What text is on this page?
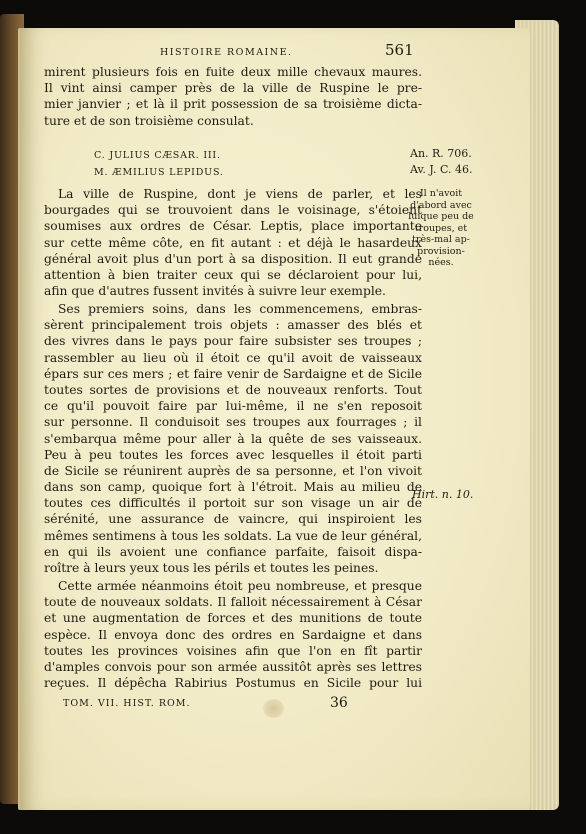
HISTOIRE ROMAINE.	561
mirent plusieurs fois en fuite deux mille chevaux maures.
Il vint ainsi camper près de la ville de Ruspine le pre-
mier janvier ; et là il prit possession de sa troisième dicta-
ture et de son troisième consulat.
C. JULIUS CÆSAR. III.
M. ÆMILIUS LEPIDUS.
An. R. 706.
Av. J. C. 46.
La ville de Ruspine, dont je viens de parler, et les
bourgades qui se trouvoient dans le voisinage, s'étoient
soumises aux ordres de César. Leptis, place importante
sur cette même côte, en fit autant : et déjà le hasardeux
général avoit plus d'un port à sa disposition. Il eut grande
attention à bien traiter ceux qui se déclaroient pour lui,
afin que d'autres fussent invités à suivre leur exemple.
Il n'avoit
d'abord avec
luique peu de
troupes, et
très-mal ap-
provision-
nées.
Ses premiers soins, dans les commencemens, embras-
sèrent principalement trois objets : amasser des blés et
des vivres dans le pays pour faire subsister ses troupes ;
rassembler au lieu où il étoit ce qu'il avoit de vaisseaux
épars sur ces mers ; et faire venir de Sardaigne et de Sicile
toutes sortes de provisions et de nouveaux renforts. Tout
ce qu'il pouvoit faire par lui-même, il ne s'en reposoit
sur personne. Il conduisoit ses troupes aux fourrages ; il
s'embarqua même pour aller à la quête de ses vaisseaux.
Peu à peu toutes les forces avec lesquelles il étoit parti
de Sicile se réunirent auprès de sa personne, et l'on vivoit
dans son camp, quoique fort à l'étroit. Mais au milieu de
toutes ces difficultés il portoit sur son visage un air de
sérénité, une assurance de vaincre, qui inspiroient les
mêmes sentimens à tous les soldats. La vue de leur général,
en qui ils avoient une confiance parfaite, faisoit dispa-
roître à leurs yeux tous les périls et toutes les peines.
Hirt. n. 10.
Cette armée néanmoins étoit peu nombreuse, et presque
toute de nouveaux soldats. Il falloit nécessairement à César
et une augmentation de forces et des munitions de toute
espèce. Il envoya donc des ordres en Sardaigne et dans
toutes les provinces voisines afin que l'on en fît partir
d'amples convois pour son armée aussitôt après ses lettres
reçues. Il dépêcha Rabirius Postumus en Sicile pour lui
TOM. VII. HIST. ROM.	36
